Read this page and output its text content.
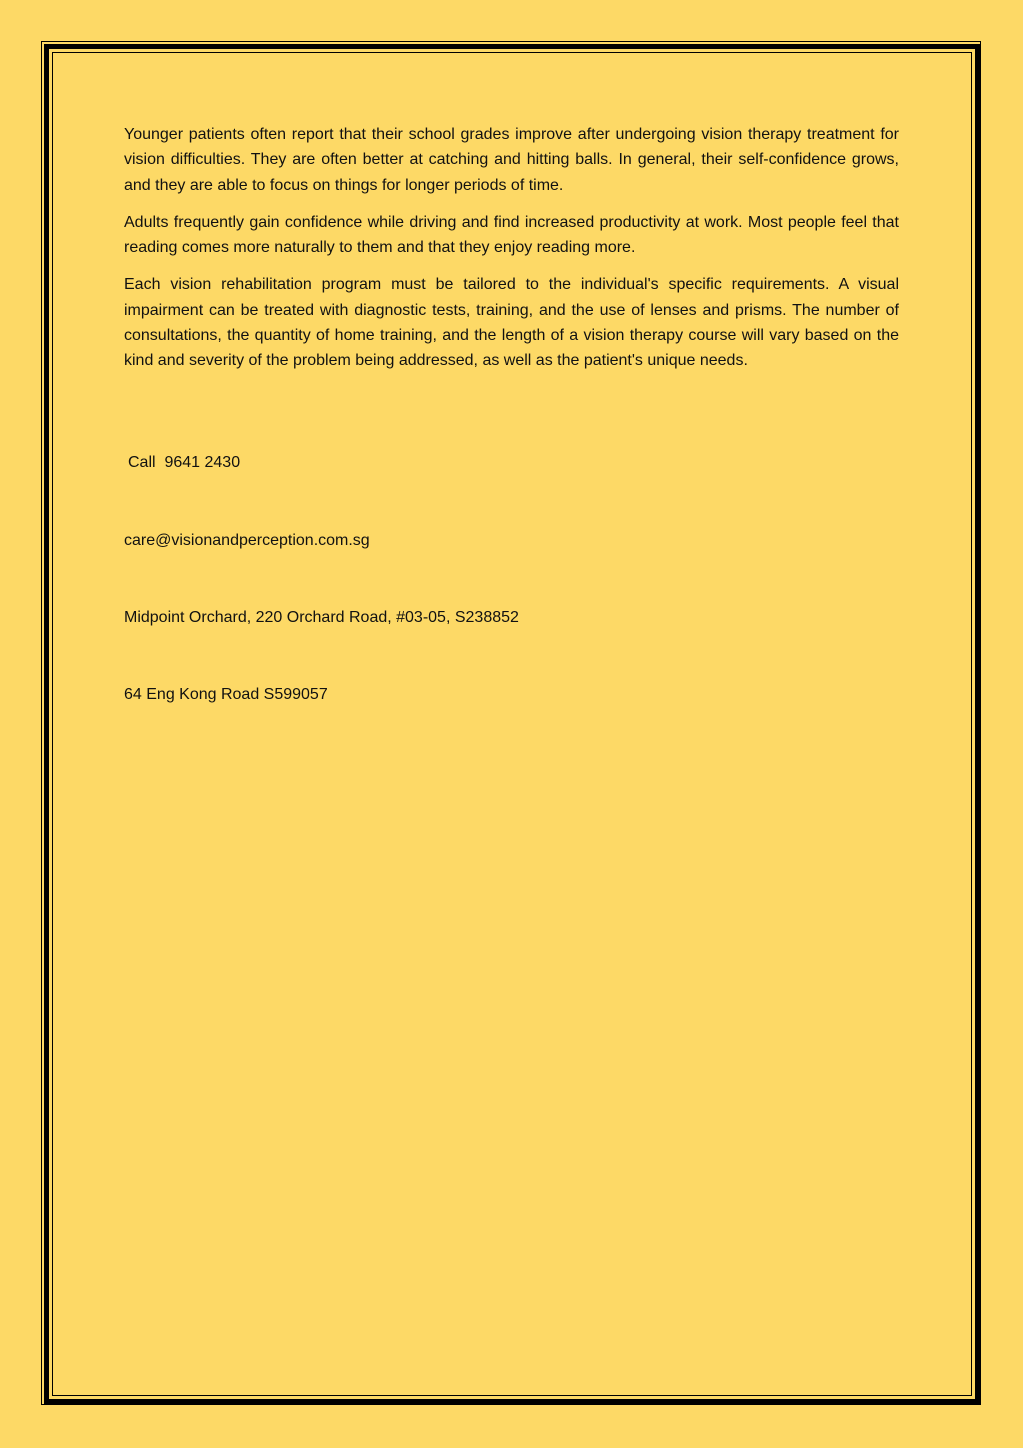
Younger patients often report that their school grades improve after undergoing vision therapy treatment for vision difficulties. They are often better at catching and hitting balls. In general, their self-confidence grows, and they are able to focus on things for longer periods of time.

Adults frequently gain confidence while driving and find increased productivity at work. Most people feel that reading comes more naturally to them and that they enjoy reading more.

Each vision rehabilitation program must be tailored to the individual's specific requirements. A visual impairment can be treated with diagnostic tests, training, and the use of lenses and prisms. The number of consultations, the quantity of home training, and the length of a vision therapy course will vary based on the kind and severity of the problem being addressed, as well as the patient's unique needs.

Call  9641 2430
care@visionandperception.com.sg
Midpoint Orchard, 220 Orchard Road, #03-05, S238852
64 Eng Kong Road S599057
